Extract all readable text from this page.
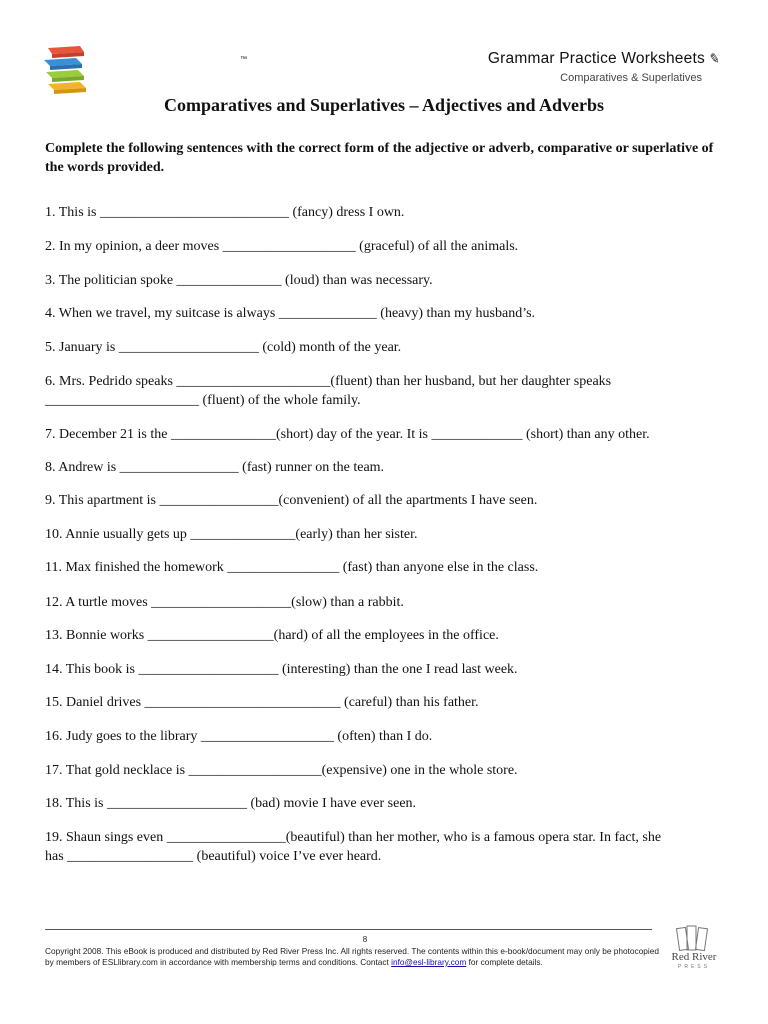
™	Grammar Practice Worksheets ✎
Comparatives & Superlatives
Comparatives and Superlatives – Adjectives and Adverbs
Complete the following sentences with the correct form of the adjective or adverb, comparative or superlative of the words provided.
1. This is ___________________________ (fancy) dress I own.
2. In my opinion, a deer moves ___________________ (graceful) of all the animals.
3. The politician spoke _______________ (loud) than was necessary.
4. When we travel, my suitcase is always ______________ (heavy) than my husband’s.
5. January is ____________________ (cold) month of the year.
6. Mrs. Pedrido speaks ______________________(fluent) than her husband, but her daughter speaks
______________________ (fluent) of the whole family.
7. December 21 is the _______________(short) day of the year. It is _____________ (short) than any other.
8. Andrew is _________________ (fast) runner on the team.
9. This apartment is _________________(convenient) of all the apartments I have seen.
10. Annie usually gets up _______________(early) than her sister.
11. Max finished the homework ________________ (fast) than anyone else in the class.
12. A turtle moves ____________________(slow) than a rabbit.
13. Bonnie works __________________(hard) of all the employees in the office.
14. This book is ____________________ (interesting) than the one I read last week.
15. Daniel drives ____________________________ (careful) than his father.
16. Judy goes to the library ___________________ (often) than I do.
17. That gold necklace is ___________________(expensive) one in the whole store.
18. This is ____________________ (bad) movie I have ever seen.
19. Shaun sings even _________________(beautiful) than her mother, who is a famous opera star. In fact, she
has __________________ (beautiful) voice I’ve ever heard.
8
Copyright 2008. This eBook is produced and distributed by Red River Press Inc. All rights reserved. The contents within this e-book/document may only be photocopied by members of ESLlibrary.com in accordance with membership terms and conditions. Contact info@esl-library.com for complete details.	Red River
PRESS
